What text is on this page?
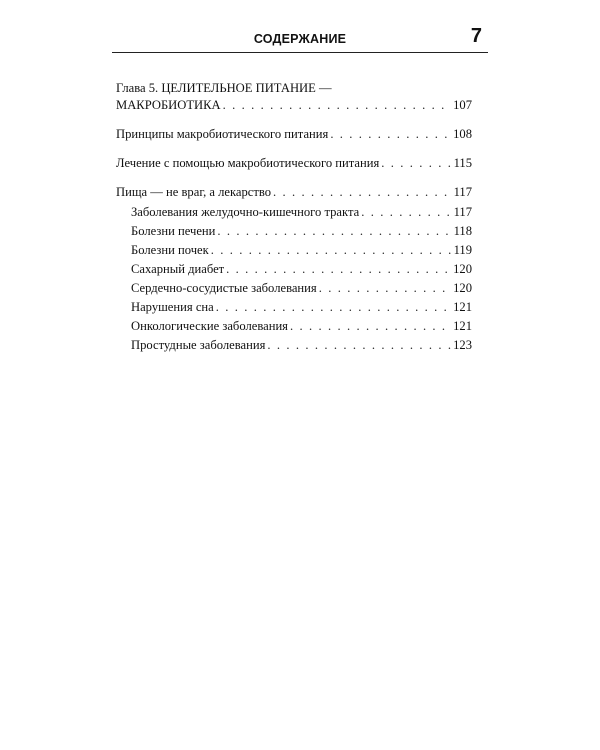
СОДЕРЖАНИЕ	7
Глава 5. ЦЕЛИТЕЛЬНОЕ ПИТАНИЕ —
МАКРОБИОТИКА . . .	107
Принципы макробиотического питания . . .	108
Лечение с помощью макробиотического питания . . .	115
Пища — не враг, а лекарство . . .	117
Заболевания желудочно-кишечного тракта . . .	117
Болезни печени . . .	118
Болезни почек . . .	119
Сахарный диабет . . .	120
Сердечно-сосудистые заболевания . . .	120
Нарушения сна . . .	121
Онкологические заболевания . . .	121
Простудные заболевания . . .	123
